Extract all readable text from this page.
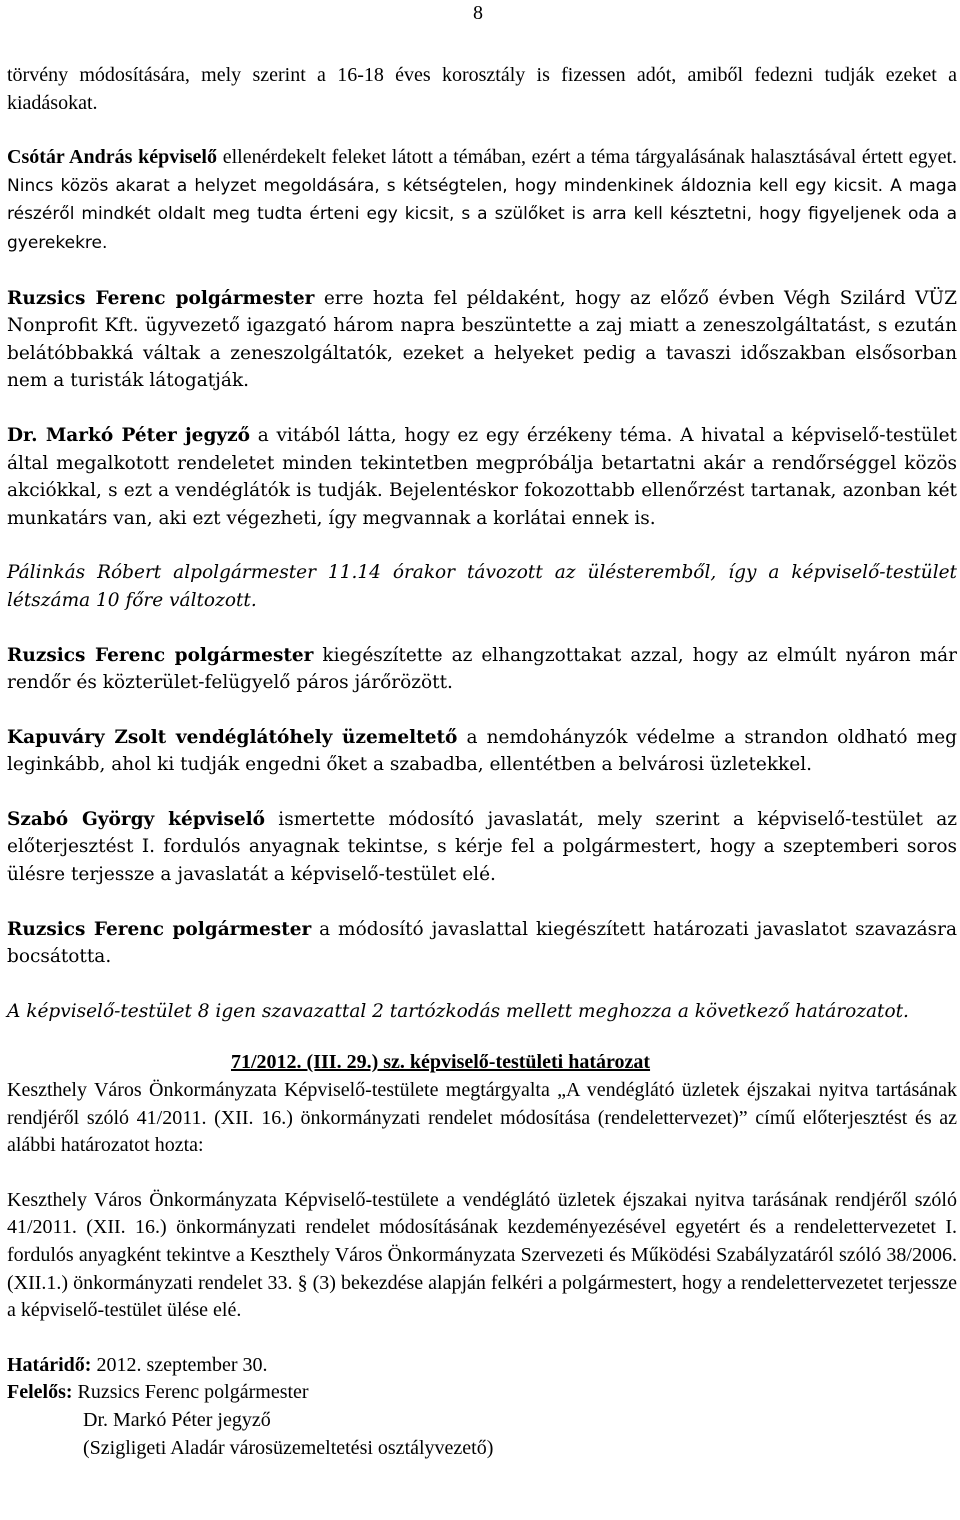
8

törvény módosítására, mely szerint a 16-18 éves korosztály is fizessen adót, amiből fedezni tudják ezeket a kiadásokat.

Csótár András képviselő ellenérdekelt feleket látott a témában, ezért a téma tárgyalásának halasztásával értett egyet. Nincs közös akarat a helyzet megoldására, s kétségtelen, hogy mindenkinek áldoznia kell egy kicsit. A maga részéről mindkét oldalt meg tudta érteni egy kicsit, s a szülőket is arra kell késztetni, hogy figyeljenek oda a gyerekekre.

Ruzsics Ferenc polgármester erre hozta fel példaként, hogy az előző évben Végh Szilárd VÜZ Nonprofit Kft. ügyvezető igazgató három napra beszüntette a zaj miatt a zeneszolgáltatást, s ezután belátóbbakká váltak a zeneszolgáltatók, ezeket a helyeket pedig a tavaszi időszakban elsősorban nem a turisták látogatják.

Dr. Markó Péter jegyző a vitából látta, hogy ez egy érzékeny téma. A hivatal a képviselő-testület által megalkotott rendeletet minden tekintetben megpróbálja betartatni akár a rendőrséggel közös akciókkal, s ezt a vendéglátók is tudják. Bejelentéskor fokozottabb ellenőrzést tartanak, azonban két munkatárs van, aki ezt végezheti, így megvannak a korlátai ennek is.

Pálinkás Róbert alpolgármester 11.14 órakor távozott az ülésteremből, így a képviselő-testület létszáma 10 főre változott.

Ruzsics Ferenc polgármester kiegészítette az elhangzottakat azzal, hogy az elmúlt nyáron már rendőr és közterület-felügyelő páros járőrözött.

Kapuváry Zsolt vendéglátóhely üzemeltető a nemdohányzók védelme a strandon oldható meg leginkább, ahol ki tudják engedni őket a szabadba, ellentétben a belvárosi üzletekkel.

Szabó György képviselő ismertette módosító javaslatát, mely szerint a képviselő-testület az előterjesztést I. fordulós anyagnak tekintse, s kérje fel a polgármestert, hogy a szeptemberi soros ülésre terjessze a javaslatát a képviselő-testület elé.

Ruzsics Ferenc polgármester a módosító javaslattal kiegészített határozati javaslatot szavazásra bocsátotta.

A képviselő-testület 8 igen szavazattal 2 tartózkodás mellett meghozza a következő határozatot.

71/2012. (III. 29.) sz. képviselő-testületi határozat

Keszthely Város Önkormányzata Képviselő-testülete megtárgyalta „A vendéglátó üzletek éjszakai nyitva tartásának rendjéről szóló 41/2011. (XII. 16.) önkormányzati rendelet módosítása (rendelettervezet)” című előterjesztést és az alábbi határozatot hozta:

Keszthely Város Önkormányzata Képviselő-testülete a vendéglátó üzletek éjszakai nyitva tarásának rendjéről szóló 41/2011. (XII. 16.) önkormányzati rendelet módosításának kezdeményezésével egyetért és a rendelettervezetet I. fordulós anyagként tekintve a Keszthely Város Önkormányzata Szervezeti és Működési Szabályzatáról szóló 38/2006. (XII.1.) önkormányzati rendelet 33. § (3) bekezdése alapján felkéri a polgármestert, hogy a rendelettervezetet terjessze a képviselő-testület ülése elé.

Határidő: 2012. szeptember 30.

Felelős: Ruzsics Ferenc polgármester

Dr. Markó Péter jegyző

(Szigligeti Aladár városüzemeltetési osztályvezető)
